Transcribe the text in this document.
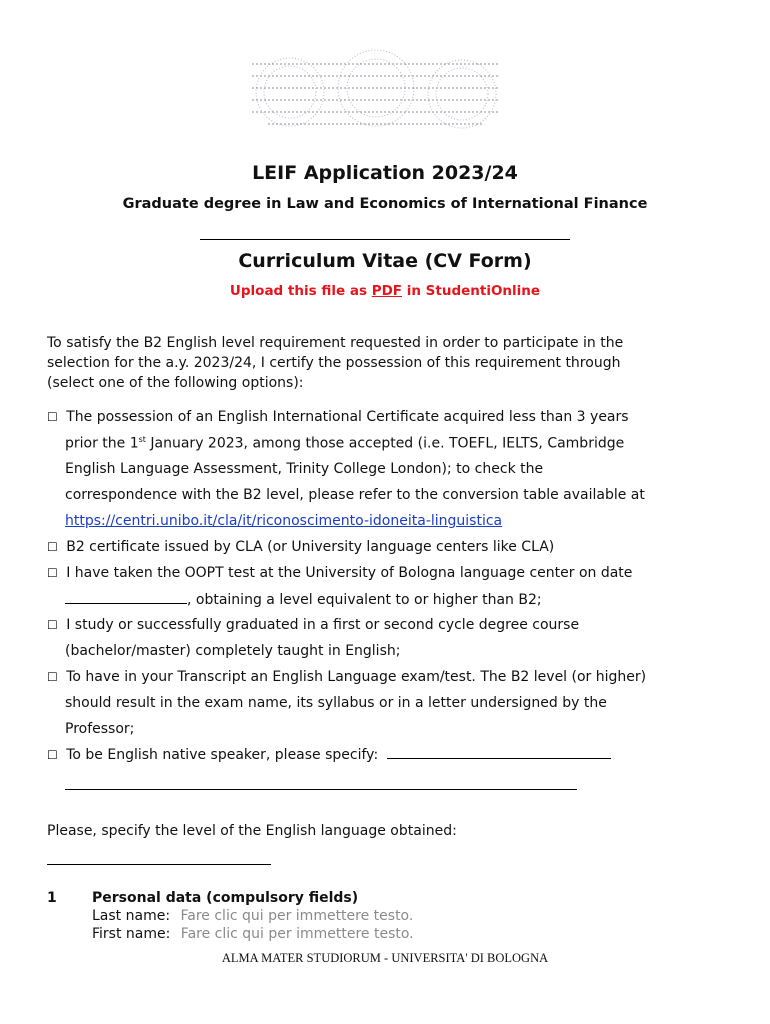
LEIF Application 2023/24
Graduate degree in Law and Economics of International Finance
Curriculum Vitae (CV Form)
Upload this file as PDF in StudentiOnline
To satisfy the B2 English level requirement requested in order to participate in the
selection for the a.y. 2023/24, I certify the possession of this requirement through
(select one of the following options):
☐ The possession of an English International Certificate acquired less than 3 years
prior the 1st January 2023, among those accepted (i.e. TOEFL, IELTS, Cambridge
English Language Assessment, Trinity College London); to check the
correspondence with the B2 level, please refer to the conversion table available at
https://centri.unibo.it/cla/it/riconoscimento-idoneita-linguistica
☐ B2 certificate issued by CLA (or University language centers like CLA)
☐ I have taken the OOPT test at the University of Bologna language center on date
, obtaining a level equivalent to or higher than B2;
☐ I study or successfully graduated in a first or second cycle degree course
(bachelor/master) completely taught in English;
☐ To have in your Transcript an English Language exam/test. The B2 level (or higher)
should result in the exam name, its syllabus or in a letter undersigned by the
Professor;
☐ To be English native speaker, please specify:
Please, specify the level of the English language obtained:
1	Personal data (compulsory fields)
Last name: Fare clic qui per immettere testo.
First name: Fare clic qui per immettere testo.
ALMA MATER STUDIORUM - UNIVERSITA' DI BOLOGNA
